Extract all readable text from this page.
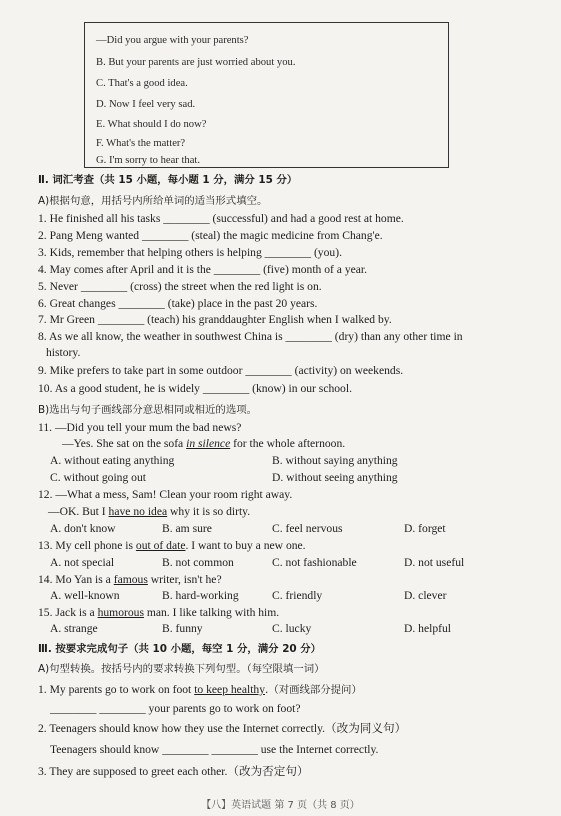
—Did you argue with your parents?
B. But your parents are just worried about you.
C. That's a good idea.
D. Now I feel very sad.
E. What should I do now?
F. What's the matter?
G. I'm sorry to hear that.
Ⅱ. 词汇考查（共 15 小题，每小题 1 分，满分 15 分）
A)根据句意，用括号内所给单词的适当形式填空。
1. He finished all his tasks ________ (successful) and had a good rest at home.
2. Pang Meng wanted ________ (steal) the magic medicine from Chang'e.
3. Kids, remember that helping others is helping ________ (you).
4. May comes after April and it is the ________ (five) month of a year.
5. Never ________ (cross) the street when the red light is on.
6. Great changes ________ (take) place in the past 20 years.
7. Mr Green ________ (teach) his granddaughter English when I walked by.
8. As we all know, the weather in southwest China is ________ (dry) than any other time in
history.
9. Mike prefers to take part in some outdoor ________ (activity) on weekends.
10. As a good student, he is widely ________ (know) in our school.
B)选出与句子画线部分意思相同或相近的选项。
11. —Did you tell your mum the bad news?
—Yes. She sat on the sofa in silence for the whole afternoon.
A. without eating anything	B. without saying anything
C. without going out	D. without seeing anything
12. —What a mess, Sam! Clean your room right away.
—OK. But I have no idea why it is so dirty.
A. don't know	B. am sure	C. feel nervous	D. forget
13. My cell phone is out of date. I want to buy a new one.
A. not special	B. not common	C. not fashionable	D. not useful
14. Mo Yan is a famous writer, isn't he?
A. well-known	B. hard-working	C. friendly	D. clever
15. Jack is a humorous man. I like talking with him.
A. strange	B. funny	C. lucky	D. helpful
Ⅲ. 按要求完成句子（共 10 小题，每空 1 分，满分 20 分）
A)句型转换。按括号内的要求转换下列句型。（每空限填一词）
1. My parents go to work on foot to keep healthy.（对画线部分提问）
________ ________ your parents go to work on foot?
2. Teenagers should know how they use the Internet correctly.（改为同义句）
Teenagers should know ________ ________ use the Internet correctly.
3. They are supposed to greet each other.（改为否定句）
【八】英语试题 第 7 页（共 8 页）
